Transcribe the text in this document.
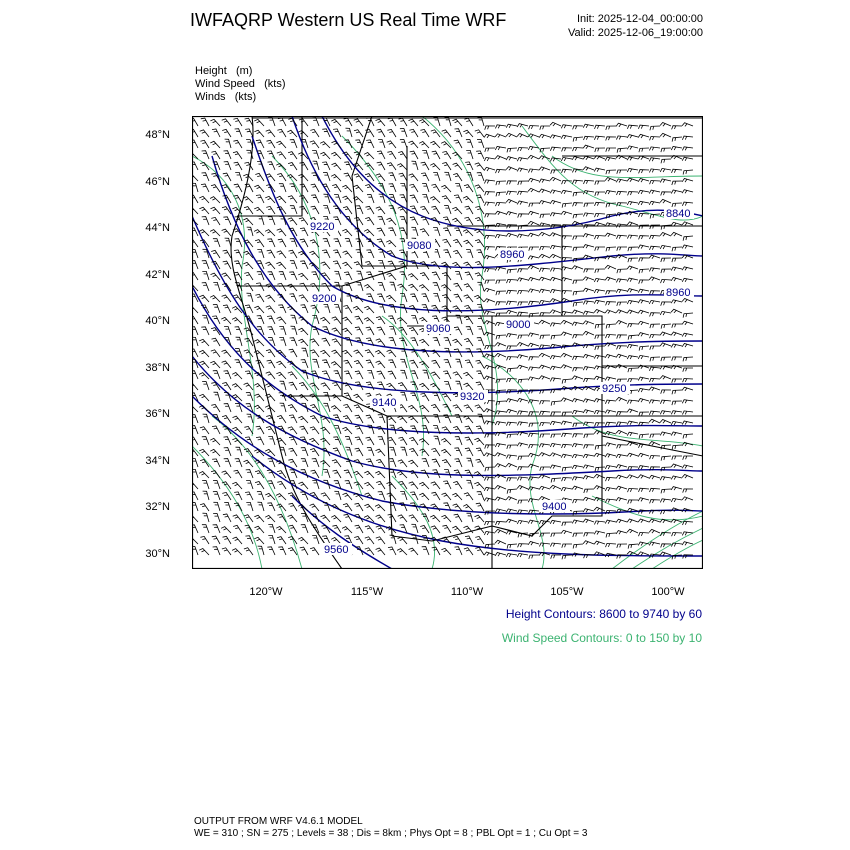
IWFAQRP Western US Real Time WRF	Init: 2025-12-04_00:00:00
Valid: 2025-12-06_19:00:00
Height   (m)
Wind Speed   (kts)
Winds   (kts)
48°N
46°N
44°N
42°N
40°N
38°N
36°N
34°N
32°N
30°N
120°W	115°W	110°W	105°W	100°W
9220
9080
8960
8840
9200	8960
9060	9000
9250
9140	9320
9400
9560
Height Contours: 8600 to 9740 by 60
Wind Speed Contours: 0 to 150 by 10
OUTPUT FROM WRF V4.6.1 MODEL
WE = 310 ; SN = 275 ; Levels = 38 ; Dis = 8km ; Phys Opt = 8 ; PBL Opt = 1 ; Cu Opt = 3
